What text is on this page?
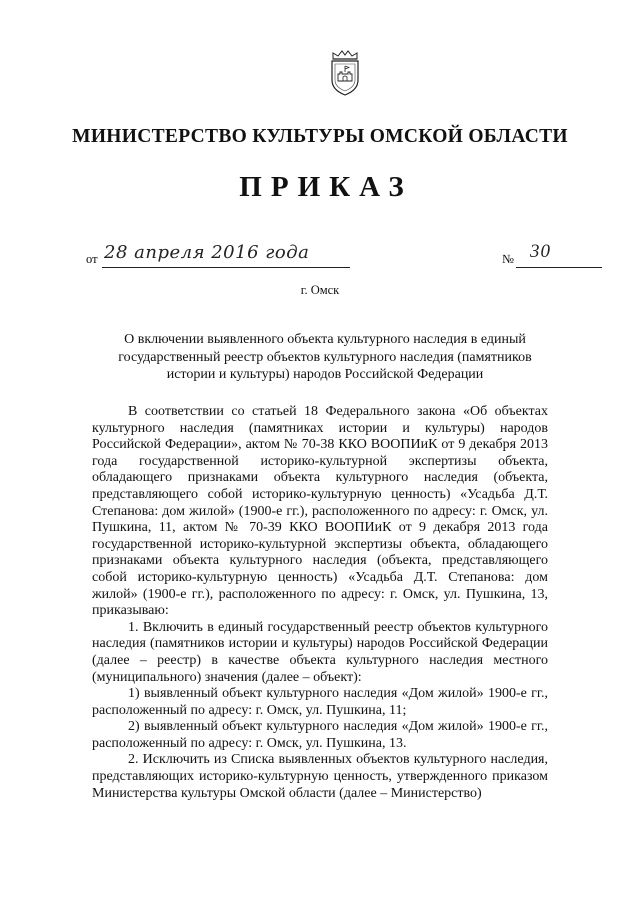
МИНИСТЕРСТВО КУЛЬТУРЫ ОМСКОЙ ОБЛАСТИ
ПРИКАЗ
от 28 апреля 2016 года	№ 30
г. Омск
О включении выявленного объекта культурного наследия в единый государственный реестр объектов культурного наследия (памятников истории и культуры) народов Российской Федерации

В соответствии со статьей 18 Федерального закона «Об объектах культурного наследия (памятниках истории и культуры) народов Российской Федерации», актом № 70-38 ККО ВООПИиК от 9 декабря 2013 года государственной историко-культурной экспертизы объекта, обладающего признаками объекта культурного наследия (объекта, представляющего собой историко-культурную ценность) «Усадьба Д.Т. Степанова: дом жилой» (1900-е гг.), расположенного по адресу: г. Омск, ул. Пушкина, 11, актом № 70-39 ККО ВООПИиК от 9 декабря 2013 года государственной историко-культурной экспертизы объекта, обладающего признаками объекта культурного наследия (объекта, представляющего собой историко-культурную ценность) «Усадьба Д.Т. Степанова: дом жилой» (1900-е гг.), расположенного по адресу: г. Омск, ул. Пушкина, 13, приказываю:

1. Включить в единый государственный реестр объектов культурного наследия (памятников истории и культуры) народов Российской Федерации (далее – реестр) в качестве объекта культурного наследия местного (муниципального) значения (далее – объект):

1) выявленный объект культурного наследия «Дом жилой» 1900-е гг., расположенный по адресу: г. Омск, ул. Пушкина, 11;

2) выявленный объект культурного наследия «Дом жилой» 1900-е гг., расположенный по адресу: г. Омск, ул. Пушкина, 13.

2. Исключить из Списка выявленных объектов культурного наследия, представляющих историко-культурную ценность, утвержденного приказом Министерства культуры Омской области (далее – Министерство)
